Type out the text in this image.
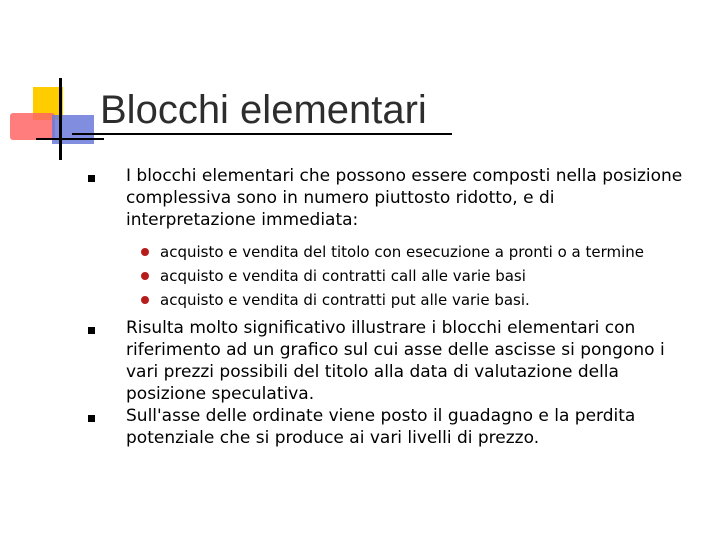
Blocchi elementari
I blocchi elementari che possono essere composti nella posizione complessiva sono in numero piuttosto ridotto, e di interpretazione immediata:
acquisto e vendita del titolo con esecuzione a pronti o a termine
acquisto e vendita di contratti call alle varie basi
acquisto e vendita di contratti put alle varie basi.
Risulta molto significativo illustrare i blocchi elementari con riferimento ad un grafico sul cui asse delle ascisse si pongono i vari prezzi possibili del titolo alla data di valutazione della posizione speculativa.
Sull'asse delle ordinate viene posto il guadagno e la perdita potenziale che si produce ai vari livelli di prezzo.
